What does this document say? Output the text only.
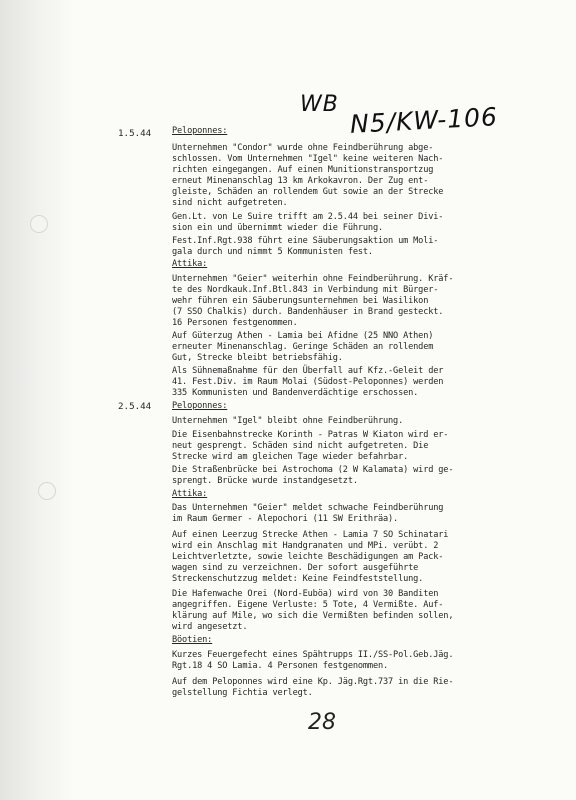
WB N5/KW-106
1.5.44 Peloponnes:
Unternehmen "Condor" wurde ohne Feindberührung abge-
schlossen. Vom Unternehmen "Igel" keine weiteren Nach-
richten eingegangen. Auf einen Munitionstransportzug
erneut Minenanschlag 13 km Arkokavron. Der Zug ent-
gleiste, Schäden an rollendem Gut sowie an der Strecke
sind nicht aufgetreten.
Gen.Lt. von Le Suire trifft am 2.5.44 bei seiner Divi-
sion ein und übernimmt wieder die Führung.
Fest.Inf.Rgt.938 führt eine Säuberungsaktion um Moli-
gala durch und nimmt 5 Kommunisten fest.
Attika:
Unternehmen "Geier" weiterhin ohne Feindberührung. Kräf-
te des Nordkauk.Inf.Btl.843 in Verbindung mit Bürger-
wehr führen ein Säuberungsunternehmen bei Wasilikon
(7 SSO Chalkis) durch. Bandenhäuser in Brand gesteckt.
16 Personen festgenommen.
Auf Güterzug Athen - Lamia bei Afidne (25 NNO Athen)
erneuter Minenanschlag. Geringe Schäden an rollendem
Gut, Strecke bleibt betriebsfähig.
Als Sühnemaßnahme für den Überfall auf Kfz.-Geleit der
41. Fest.Div. im Raum Molai (Südost-Peloponnes) werden
335 Kommunisten und Bandenverdächtige erschossen.
2.5.44 Peloponnes:
Unternehmen "Igel" bleibt ohne Feindberührung.
Die Eisenbahnstrecke Korinth - Patras W Kiaton wird er-
neut gesprengt. Schäden sind nicht aufgetreten. Die
Strecke wird am gleichen Tage wieder befahrbar.
Die Straßenbrücke bei Astrochoma (2 W Kalamata) wird ge-
sprengt. Brücke wurde instandgesetzt.
Attika:
Das Unternehmen "Geier" meldet schwache Feindberührung
im Raum Germer - Alepochori (11 SW Erithräa).
Auf einen Leerzug Strecke Athen - Lamia 7 SO Schinatari
wird ein Anschlag mit Handgranaten und MPi. verübt. 2
Leichtverletzte, sowie leichte Beschädigungen am Pack-
wagen sind zu verzeichnen. Der sofort ausgeführte
Streckenschutzzug meldet: Keine Feindfeststellung.
Die Hafenwache Orei (Nord-Euböa) wird von 30 Banditen
angegriffen. Eigene Verluste: 5 Tote, 4 Vermißte. Auf-
klärung auf Mile, wo sich die Vermißten befinden sollen,
wird angesetzt.
Böotien:
Kurzes Feuergefecht eines Spähtrupps II./SS-Pol.Geb.Jäg.
Rgt.18 4 SO Lamia. 4 Personen festgenommen.
Auf dem Peloponnes wird eine Kp. Jäg.Rgt.737 in die Rie-
gelstellung Fichtia verlegt.
28
